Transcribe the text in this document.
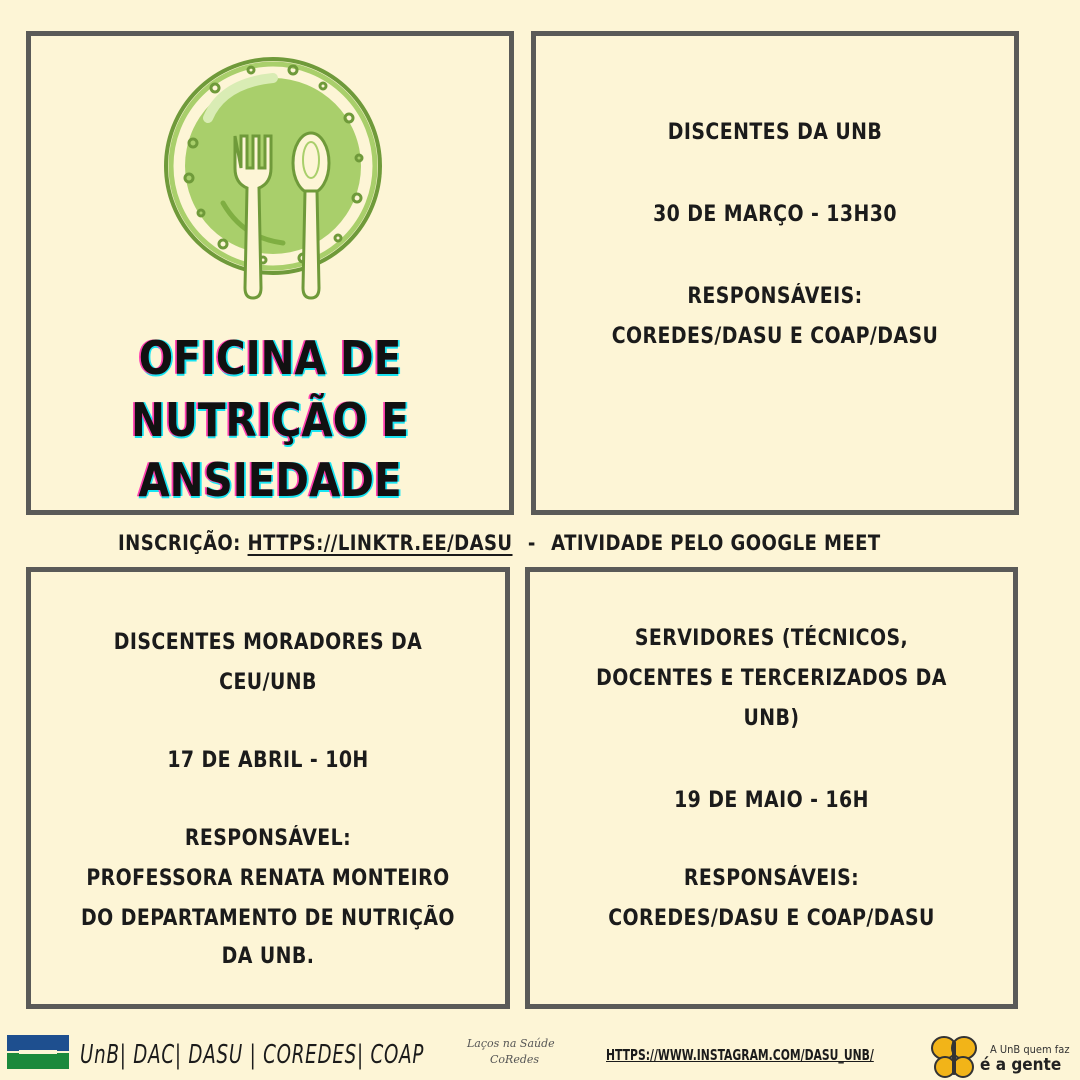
OFICINA DE
NUTRIÇÃO E
ANSIEDADE
DISCENTES DA UNB
30 DE MARÇO - 13H30
RESPONSÁVEIS:
COREDES/DASU E COAP/DASU
INSCRIÇÃO: HTTPS://LINKTR.EE/DASU - ATIVIDADE PELO GOOGLE MEET
DISCENTES MORADORES DA
CEU/UNB
17 DE ABRIL - 10H
RESPONSÁVEL:
PROFESSORA RENATA MONTEIRO
DO DEPARTAMENTO DE NUTRIÇÃO
DA UNB.
SERVIDORES (TÉCNICOS,
DOCENTES E TERCERIZADOS DA
UNB)
19 DE MAIO - 16H
RESPONSÁVEIS:
COREDES/DASU E COAP/DASU
UnB| DAC| DASU | COREDES| COAP	Laços na Saúde
CoRedes	HTTPS://WWW.INSTAGRAM.COM/DASU_UNB/	A UnB quem faz
é a gente
